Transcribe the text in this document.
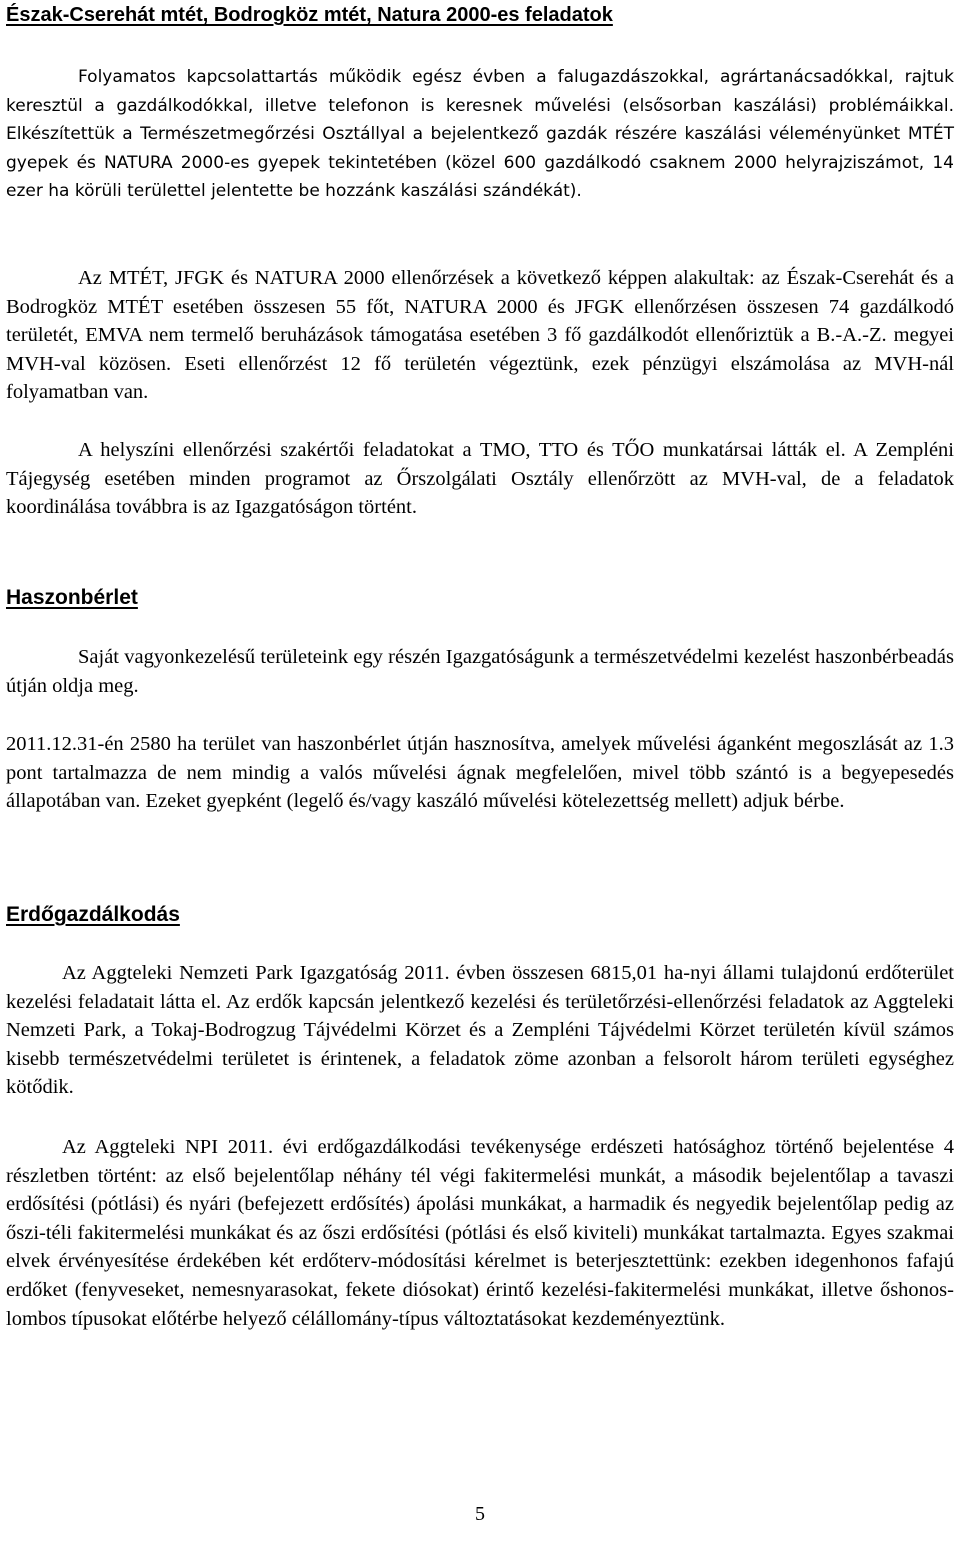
Észak-Cserehát mtét, Bodrogköz mtét, Natura 2000-es feladatok

Folyamatos kapcsolattartás működik egész évben a falugazdászokkal, agrártanácsadókkal, rajtuk keresztül a gazdálkodókkal, illetve telefonon is keresnek művelési (elsősorban kaszálási) problémáikkal. Elkészítettük a Természetmegőrzési Osztállyal a bejelentkező gazdák részére kaszálási véleményünket MTÉT gyepek és NATURA 2000-es gyepek tekintetében (közel 600 gazdálkodó csaknem 2000 helyrajziszámot, 14 ezer ha körüli területtel jelentette be hozzánk kaszálási szándékát).

Az MTÉT, JFGK és NATURA 2000 ellenőrzések a következő képpen alakultak: az Észak-Cserehát és a Bodrogköz MTÉT esetében összesen 55 főt, NATURA 2000 és JFGK ellenőrzésen összesen 74 gazdálkodó területét, EMVA nem termelő beruházások támogatása esetében 3 fő gazdálkodót ellenőriztük a B.-A.-Z. megyei MVH-val közösen. Eseti ellenőrzést 12 fő területén végeztünk, ezek pénzügyi elszámolása az MVH-nál folyamatban van.

A helyszíni ellenőrzési szakértői feladatokat a TMO, TTO és TŐO munkatársai látták el. A Zempléni Tájegység esetében minden programot az Őrszolgálati Osztály ellenőrzött az MVH-val, de a feladatok koordinálása továbbra is az Igazgatóságon történt.

Haszonbérlet

Saját vagyonkezelésű területeink egy részén Igazgatóságunk a természetvédelmi kezelést haszonbérbeadás útján oldja meg.

2011.12.31-én 2580 ha terület van haszonbérlet útján hasznosítva, amelyek művelési áganként megoszlását az 1.3 pont tartalmazza de nem mindig a valós művelési ágnak megfelelően, mivel több szántó is a begyepesedés állapotában van. Ezeket gyepként (legelő és/vagy kaszáló művelési kötelezettség mellett) adjuk bérbe.

Erdőgazdálkodás

Az Aggteleki Nemzeti Park Igazgatóság 2011. évben összesen 6815,01 ha-nyi állami tulajdonú erdőterület kezelési feladatait látta el. Az erdők kapcsán jelentkező kezelési és területőrzési-ellenőrzési feladatok az Aggteleki Nemzeti Park, a Tokaj-Bodrogzug Tájvédelmi Körzet és a Zempléni Tájvédelmi Körzet területén kívül számos kisebb természetvédelmi területet is érintenek, a feladatok zöme azonban a felsorolt három területi egységhez kötődik.

Az Aggteleki NPI 2011. évi erdőgazdálkodási tevékenysége erdészeti hatósághoz történő bejelentése 4 részletben történt: az első bejelentőlap néhány tél végi fakitermelési munkát, a második bejelentőlap a tavaszi erdősítési (pótlási) és nyári (befejezett erdősítés) ápolási munkákat, a harmadik és negyedik bejelentőlap pedig az őszi-téli fakitermelési munkákat és az őszi erdősítési (pótlási és első kiviteli) munkákat tartalmazta. Egyes szakmai elvek érvényesítése érdekében két erdőterv-módosítási kérelmet is beterjesztettünk: ezekben idegenhonos fafajú erdőket (fenyveseket, nemesnyarasokat, fekete diósokat) érintő kezelési-fakitermelési munkákat, illetve őshonos-lombos típusokat előtérbe helyező célállomány-típus változtatásokat kezdeményeztünk.

5
